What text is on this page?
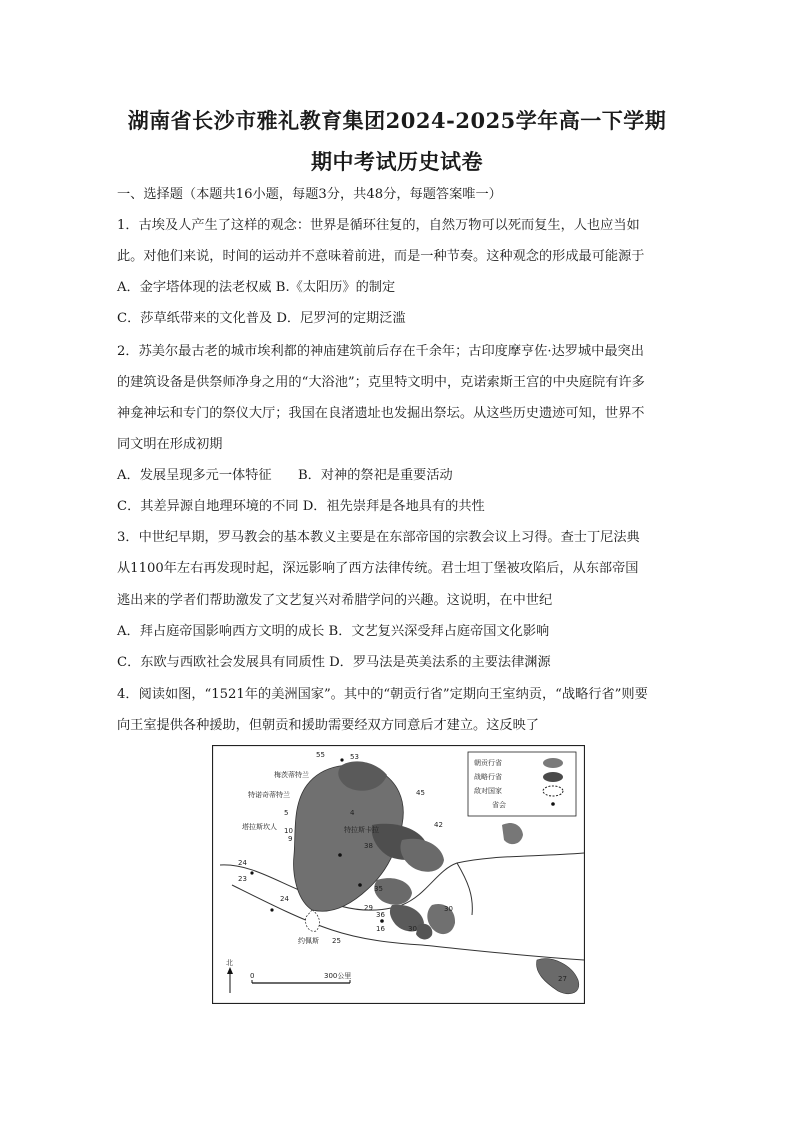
湖南省长沙市雅礼教育集团2024-2025学年高一下学期
期中考试历史试卷
一、选择题（本题共16小题，每题3分，共48分，每题答案唯一）
1．古埃及人产生了这样的观念：世界是循环往复的，自然万物可以死而复生，人也应当如
此。对他们来说，时间的运动并不意味着前进，而是一种节奏。这种观念的形成最可能源于
A．金字塔体现的法老权威 B.《太阳历》的制定
C．莎草纸带来的文化普及 D．尼罗河的定期泛滥
2．苏美尔最古老的城市埃利都的神庙建筑前后存在千余年；古印度摩亨佐·达罗城中最突出
的建筑设备是供祭师净身之用的“大浴池”；克里特文明中，克诺索斯王宫的中央庭院有许多
神龛神坛和专门的祭仪大厅；我国在良渚遗址也发掘出祭坛。从这些历史遗迹可知，世界不
同文明在形成初期
A．发展呈现多元一体特征　　B．对神的祭祀是重要活动
C．其差异源自地理环境的不同 D．祖先崇拜是各地具有的共性
3．中世纪早期，罗马教会的基本教义主要是在东部帝国的宗教会议上习得。查士丁尼法典
从1100年左右再发现时起，深远影响了西方法律传统。君士坦丁堡被攻陷后，从东部帝国
逃出来的学者们帮助激发了文艺复兴对希腊学问的兴趣。这说明，在中世纪
A．拜占庭帝国影响西方文明的成长 B．文艺复兴深受拜占庭帝国文化影响
C．东欧与西欧社会发展具有同质性 D．罗马法是英美法系的主要法律渊源
4．阅读如图，“1521年的美洲国家”。其中的“朝贡行省”定期向王室纳贡，“战略行省”则要
向王室提供各种援助，但朝贡和援助需要经双方同意后才建立。这反映了
梅茨蒂特兰
特诺奇蒂特兰
塔拉斯坎人	特拉斯卡拉
约佩斯
55	53
45
42
5	4
10
9
38
35
29
36
16
30
30
24
23
24
25
27
朝贡行省
战略行省
敌对国家
省会
北
0	300公里
